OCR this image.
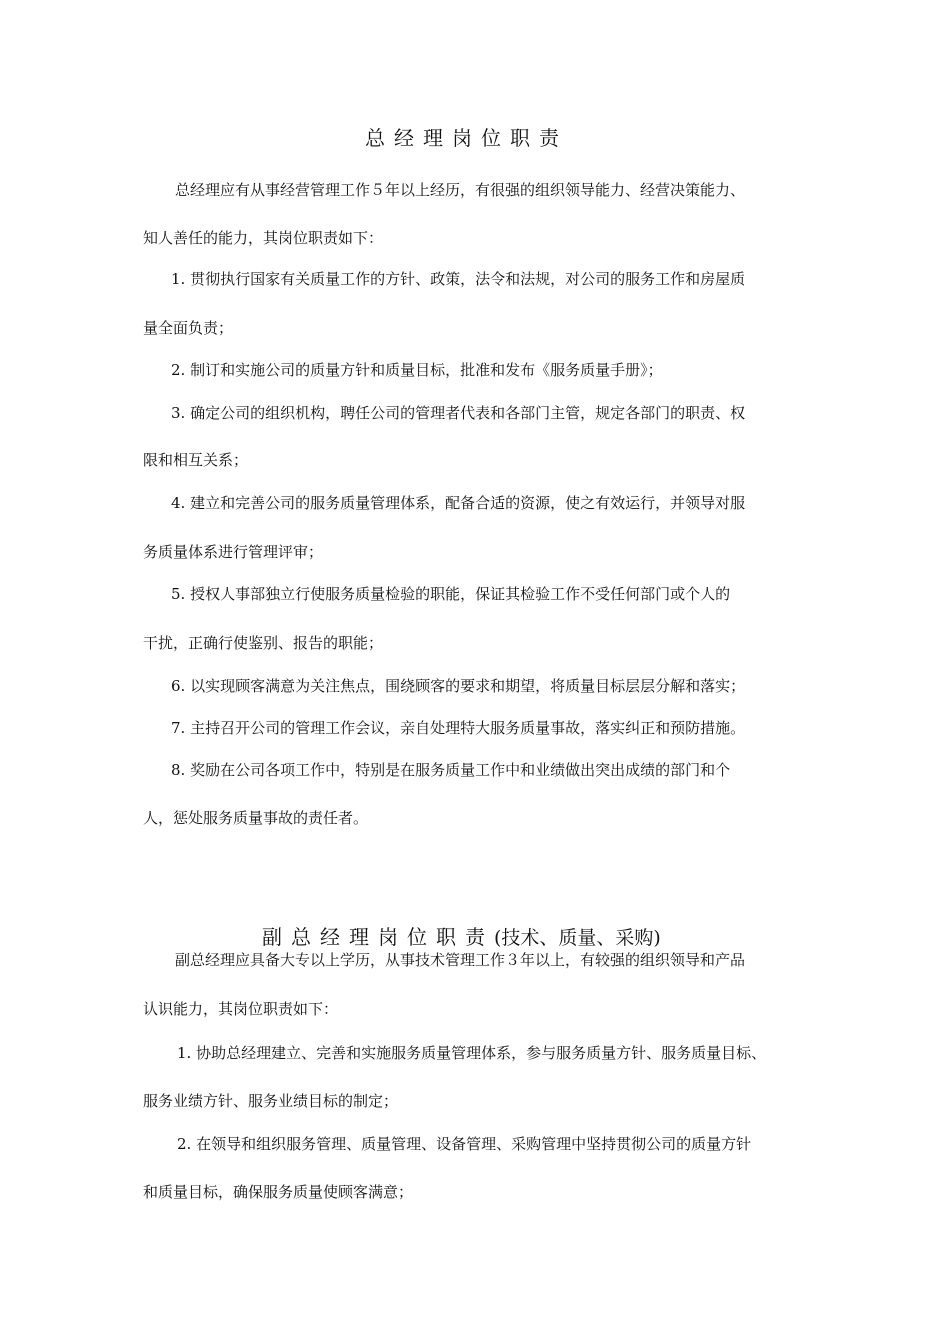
总经理岗位职责
总经理应有从事经营管理工作５年以上经历，有很强的组织领导能力、经营决策能力、
知人善任的能力，其岗位职责如下：
1. 贯彻执行国家有关质量工作的方针、政策，法令和法规，对公司的服务工作和房屋质
量全面负责；
2. 制订和实施公司的质量方针和质量目标，批准和发布《服务质量手册》；
3. 确定公司的组织机构，聘任公司的管理者代表和各部门主管，规定各部门的职责、权
限和相互关系；
4. 建立和完善公司的服务质量管理体系，配备合适的资源，使之有效运行，并领导对服
务质量体系进行管理评审；
5. 授权人事部独立行使服务质量检验的职能，保证其检验工作不受任何部门或个人的
干扰，正确行使鉴别、报告的职能；
6. 以实现顾客满意为关注焦点，围绕顾客的要求和期望，将质量目标层层分解和落实；
7. 主持召开公司的管理工作会议，亲自处理特大服务质量事故，落实纠正和预防措施。
8. 奖励在公司各项工作中，特别是在服务质量工作中和业绩做出突出成绩的部门和个
人，惩处服务质量事故的责任者。
副总经理岗位职责(技术、质量、采购)
副总经理应具备大专以上学历，从事技术管理工作３年以上，有较强的组织领导和产品
认识能力，其岗位职责如下：
1. 协助总经理建立、完善和实施服务质量管理体系，参与服务质量方针、服务质量目标、
服务业绩方针、服务业绩目标的制定；
2. 在领导和组织服务管理、质量管理、设备管理、采购管理中坚持贯彻公司的质量方针
和质量目标，确保服务质量使顾客满意；
